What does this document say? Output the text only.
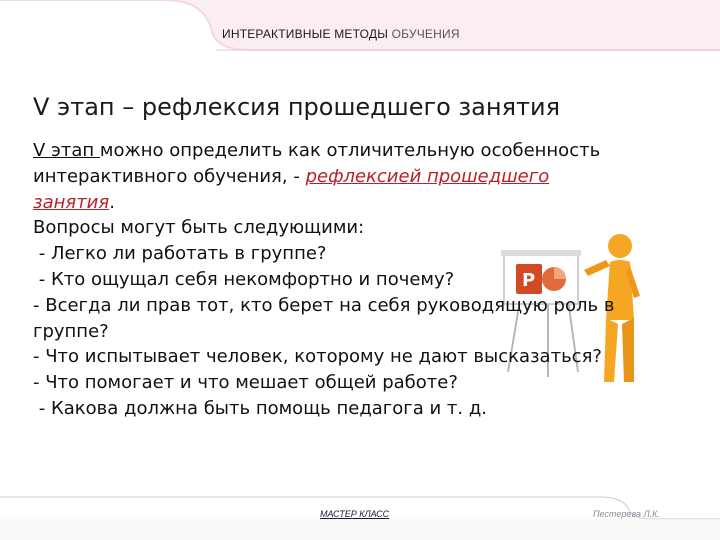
ИНТЕРАКТИВНЫЕ МЕТОДЫ ОБУЧЕНИЯ
P
V этап – рефлексия прошедшего занятия

V этап можно определить как отличительную особенность

интерактивного обучения, - рефлексией прошедшего

занятия.

Вопросы могут быть следующими:

- Легко ли работать в группе?

- Кто ощущал себя некомфортно и почему?

- Всегда ли прав тот, кто берет на себя руководящую роль в

группе?

- Что испытывает человек, которому не дают высказаться?

- Что помогает и что мешает общей работе?

- Какова должна быть помощь педагога и т. д.

МАСТЕР КЛАСС	Пестерева Л.К.
